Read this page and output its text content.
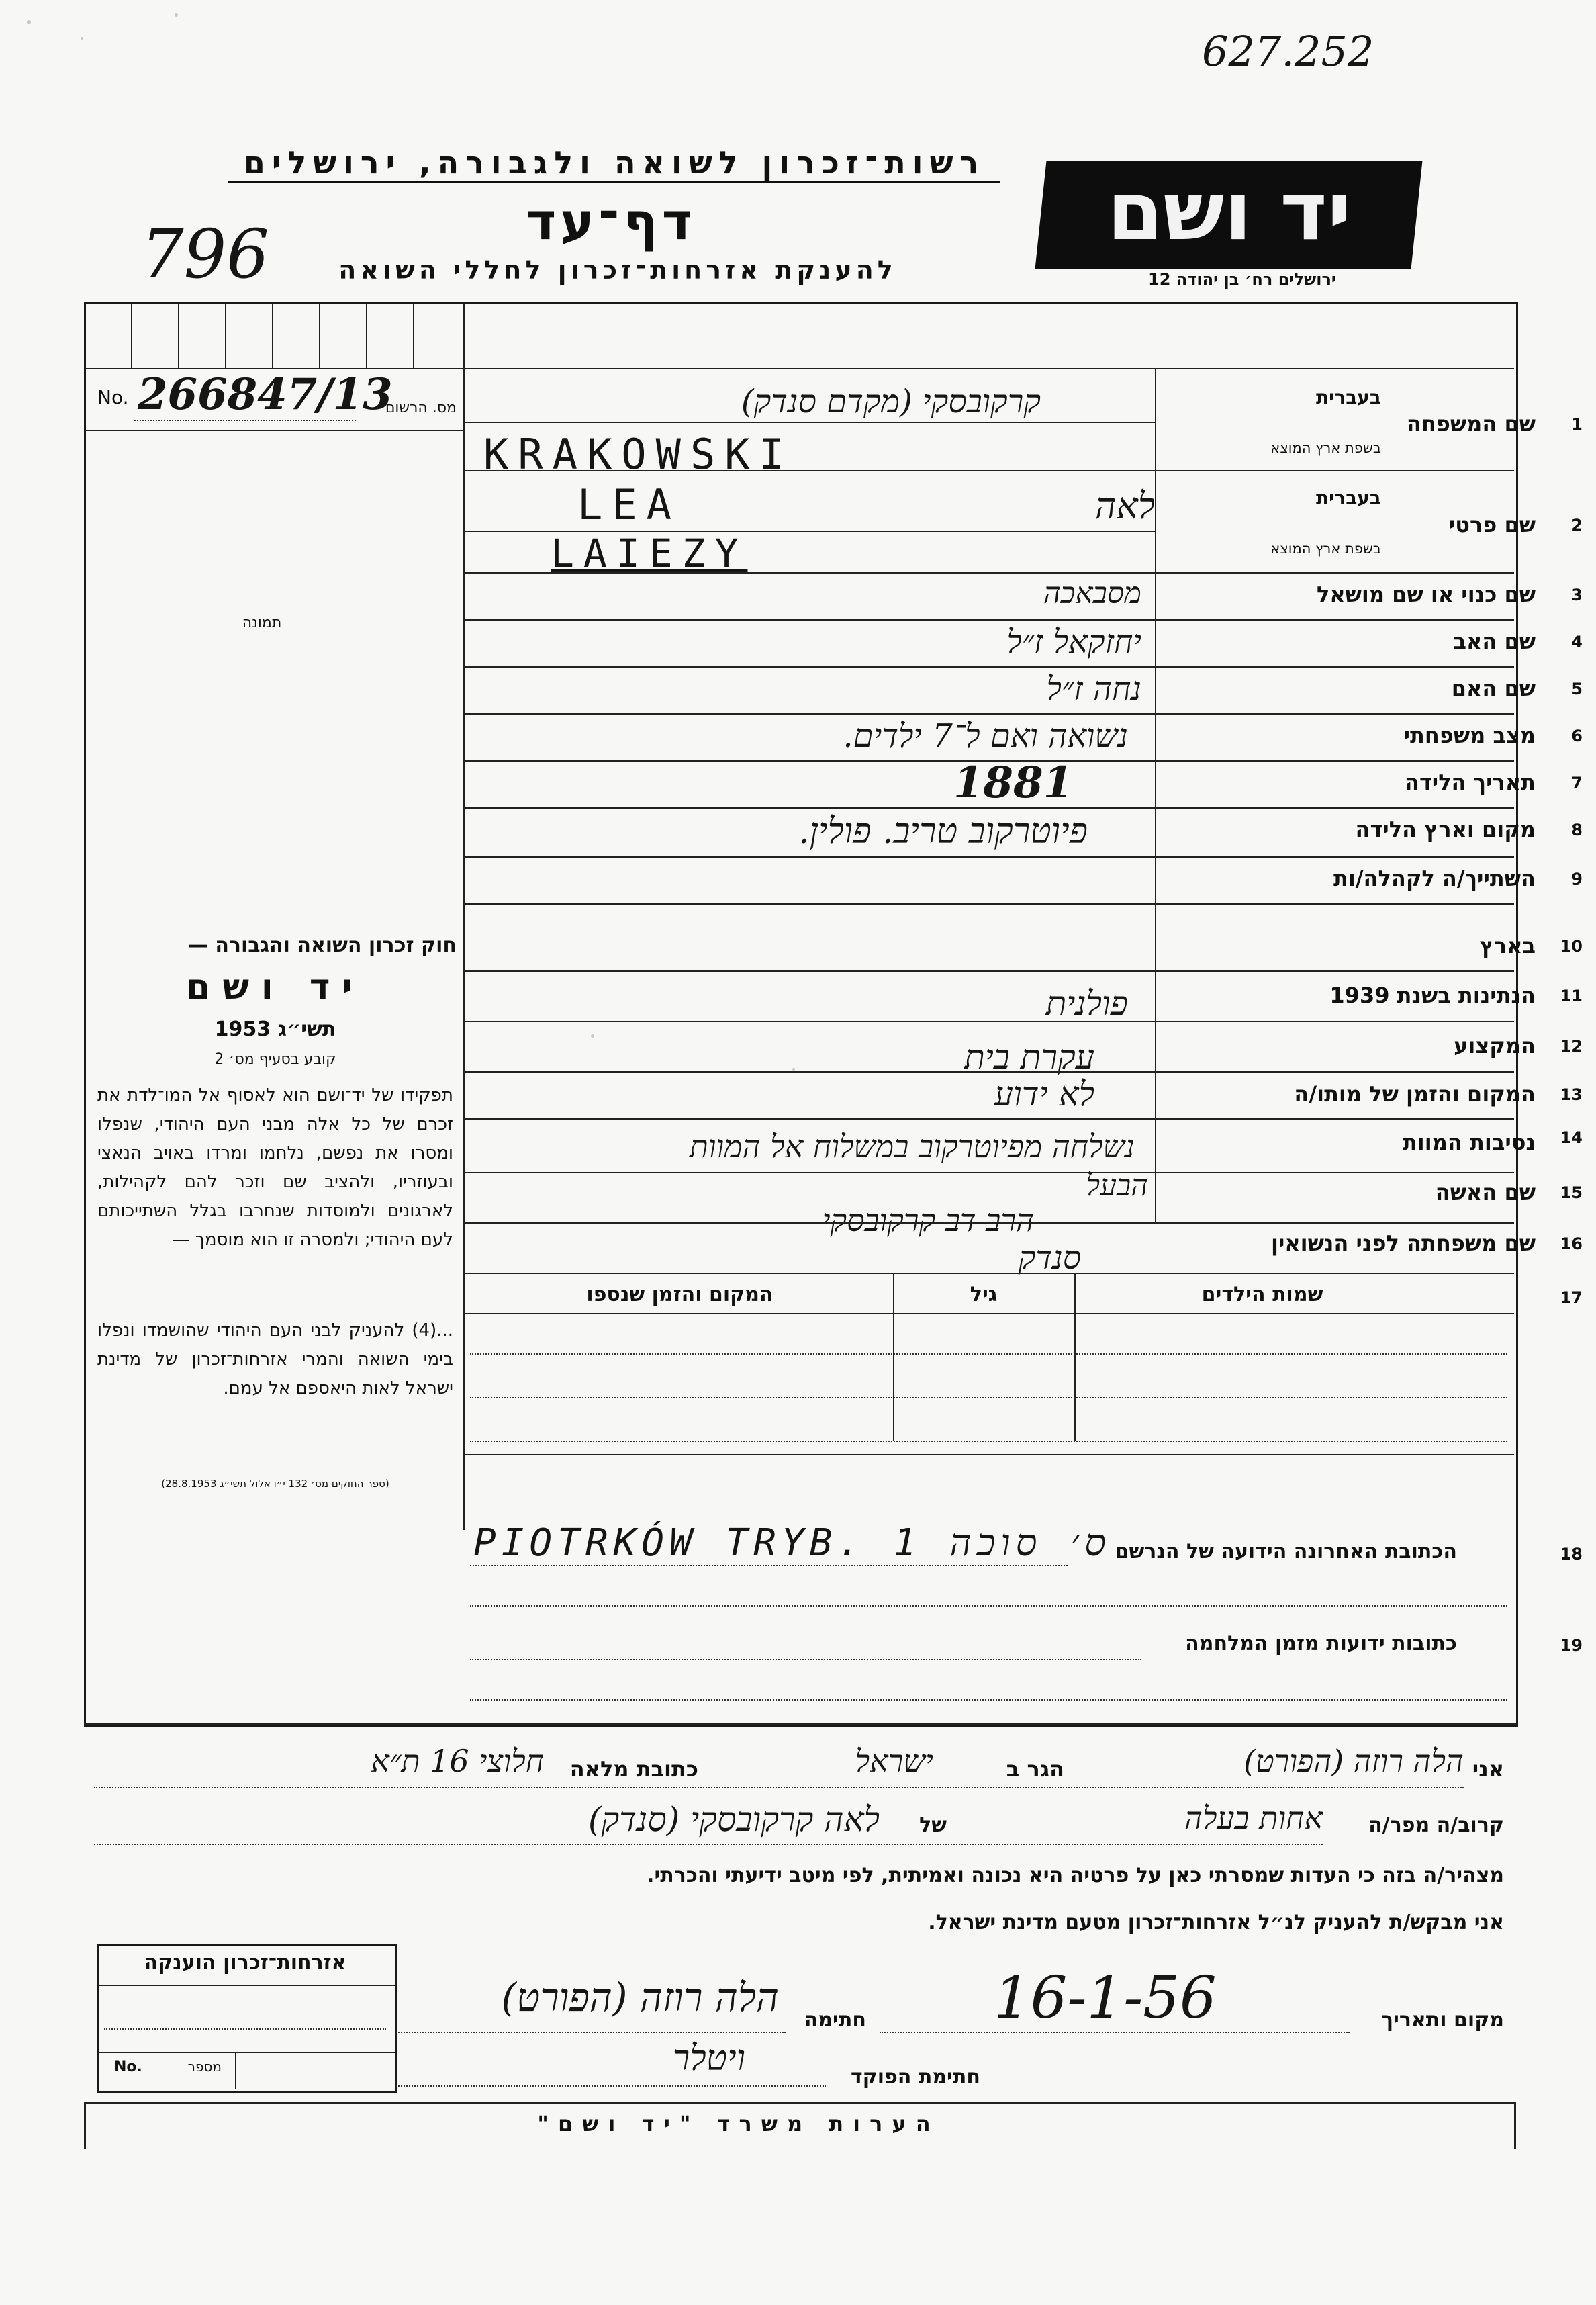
627.252
רשות־זכרון לשואה ולגבורה, ירושלים
דף־עד
796	להענקת אזרחות־זכרון לחללי השואה
יד ושם
ירושלים רח׳ בן יהודה 12
No. 266847/13
מס. הרשום
תמונה
חוק זכרון השואה והגבורה —
יד ושם
תשי״ג 1953
קובע בסעיף מס׳ 2
תפקידו של יד־ושם הוא לאסוף אל המו־לדת את זכרם של כל אלה מבני העם היהודי, שנפלו ומסרו את נפשם, נלחמו ומרדו באויב הנאצי ובעוזריו, ולהציב שם וזכר להם לקהילות, לארגונים ולמוסדות שנחרבו בגלל השתייכותם לעם היהודי; ולמסרה זו הוא מוסמך —
...(4) להעניק לבני העם היהודי שהושמדו ונפלו בימי השואה והמרי אזרחות־זכרון של מדינת ישראל לאות היאספם אל עמם.
(ספר החוקים מס׳ 132 י״ו אלול תשי״ג 28.8.1953)
בעברית
שם המשפחה 1
בשפת ארץ המוצא
קרקובסקי (מקדם סנדק)
KRAKOWSKI
בעברית
שם פרטי 2
בשפת ארץ המוצא
לאה
LEA
LAIEZY
שם כנוי או שם מושאל 3
מסבאכה
שם האב 4
יחזקאל ז״ל
שם האם 5
נחה ז״ל
מצב משפחתי 6
נשואה ואם ל־7 ילדים.
תאריך הלידה 7
1881
מקום וארץ הלידה 8
פיוטרקוב טריב. פולין.
השתייך/ה לקהלה/ות 9
בארץ 10
הנתינות בשנת 1939 11
פולנית
המקצוע 12
עקרת בית
המקום והזמן של מותו/ה 13
לא ידוע
נסיבות המוות 14
נשלחה מפיוטרקוב במשלוח אל המוות
שם האשה 15
הבעל
הרב דב קרקובסקי
שם משפחתה לפני הנשואין 16
סנדק
שמות הילדים
גיל
המקום והזמן שנספו	17
הכתובת האחרונה הידועה של הנרשם	18
PIOTRKÓW TRYB. ס׳ סוכה 1
כתובות ידועות מזמן המלחמה	19
אני
הלה רוזה (הפורט)
הגר ב
ישראל
כתובת מלאה
חלוצי 16 ת״א
קרוב/ה מפר/ה
אחות בעלה
של
לאה קרקובסקי (סנדק)
מצהיר/ה בזה כי העדות שמסרתי כאן על פרטיה היא נכונה ואמיתית, לפי מיטב ידיעתי והכרתי.
אני מבקש/ת להעניק לנ״ל אזרחות־זכרון מטעם מדינת ישראל.
אזרחות־זכרון הוענקה
No.	מספר
מקום ותאריך
16-1-56
חתימה
הלה רוזה (הפורט)
חתימת הפוקד
ויטלר
הערות משרד "יד ושם"
